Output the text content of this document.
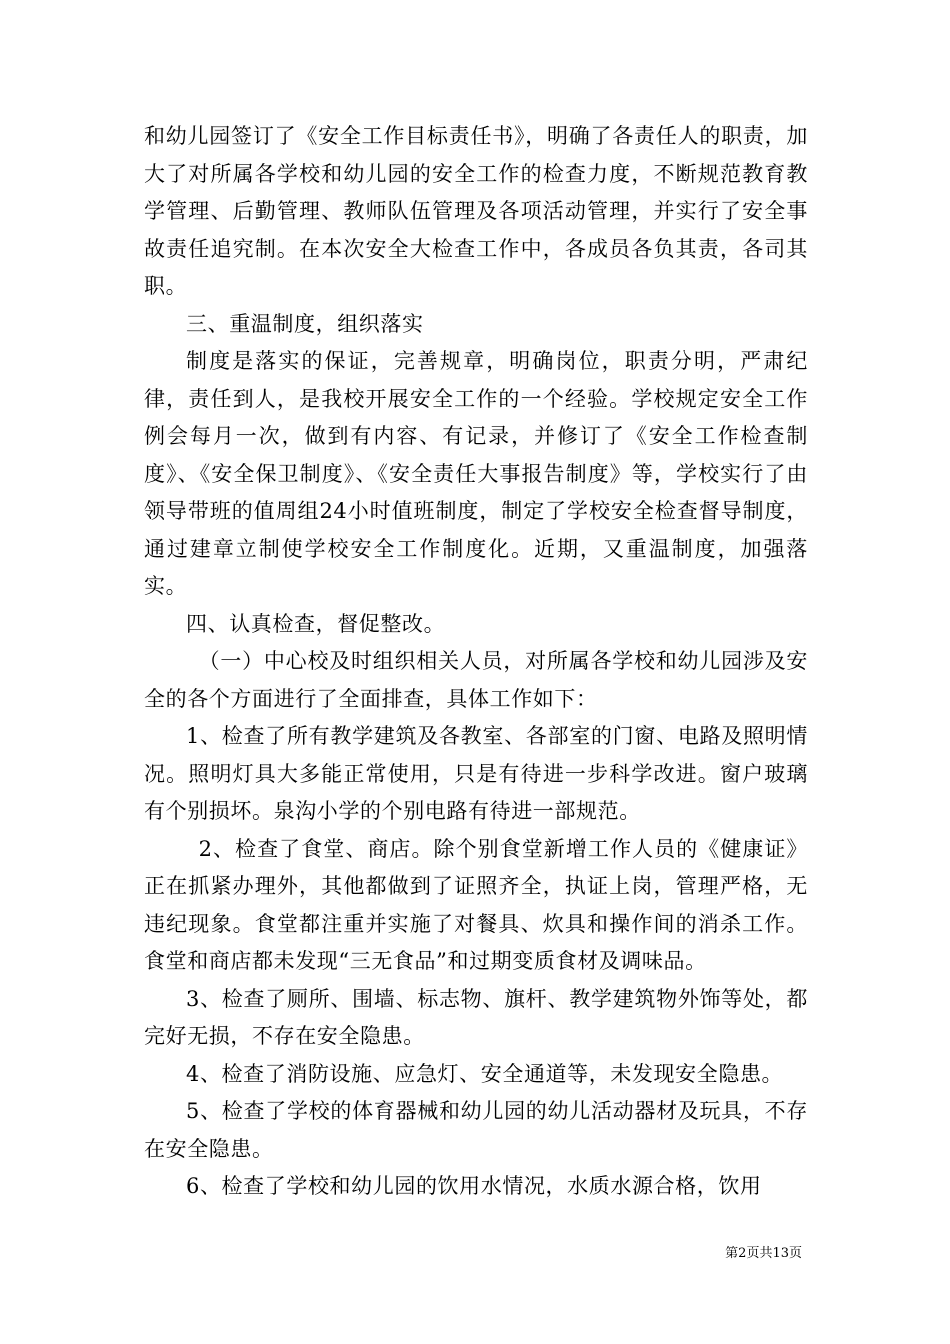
和幼儿园签订了《安全工作目标责任书》，明确了各责任人的职责，加大了对所属各学校和幼儿园的安全工作的检查力度，不断规范教育教学管理、后勤管理、教师队伍管理及各项活动管理，并实行了安全事故责任追究制。在本次安全大检查工作中，各成员各负其责，各司其职。

三、重温制度，组织落实

制度是落实的保证，完善规章，明确岗位，职责分明，严肃纪律，责任到人，是我校开展安全工作的一个经验。学校规定安全工作例会每月一次，做到有内容、有记录，并修订了《安全工作检查制度》、《安全保卫制度》、《安全责任大事报告制度》等，学校实行了由领导带班的值周组24小时值班制度，制定了学校安全检查督导制度，通过建章立制使学校安全工作制度化。近期，又重温制度，加强落实。

四、认真检查，督促整改。

（一）中心校及时组织相关人员，对所属各学校和幼儿园涉及安全的各个方面进行了全面排查，具体工作如下：

1、检查了所有教学建筑及各教室、各部室的门窗、电路及照明情况。照明灯具大多能正常使用，只是有待进一步科学改进。窗户玻璃有个别损坏。泉沟小学的个别电路有待进一部规范。

2、检查了食堂、商店。除个别食堂新增工作人员的《健康证》正在抓紧办理外，其他都做到了证照齐全，执证上岗，管理严格，无违纪现象。食堂都注重并实施了对餐具、炊具和操作间的消杀工作。食堂和商店都未发现“三无食品”和过期变质食材及调味品。

3、检查了厕所、围墙、标志物、旗杆、教学建筑物外饰等处，都完好无损，不存在安全隐患。

4、检查了消防设施、应急灯、安全通道等，未发现安全隐患。

5、检查了学校的体育器械和幼儿园的幼儿活动器材及玩具，不存在安全隐患。

6、检查了学校和幼儿园的饮用水情况，水质水源合格，饮用

第2页共13页
